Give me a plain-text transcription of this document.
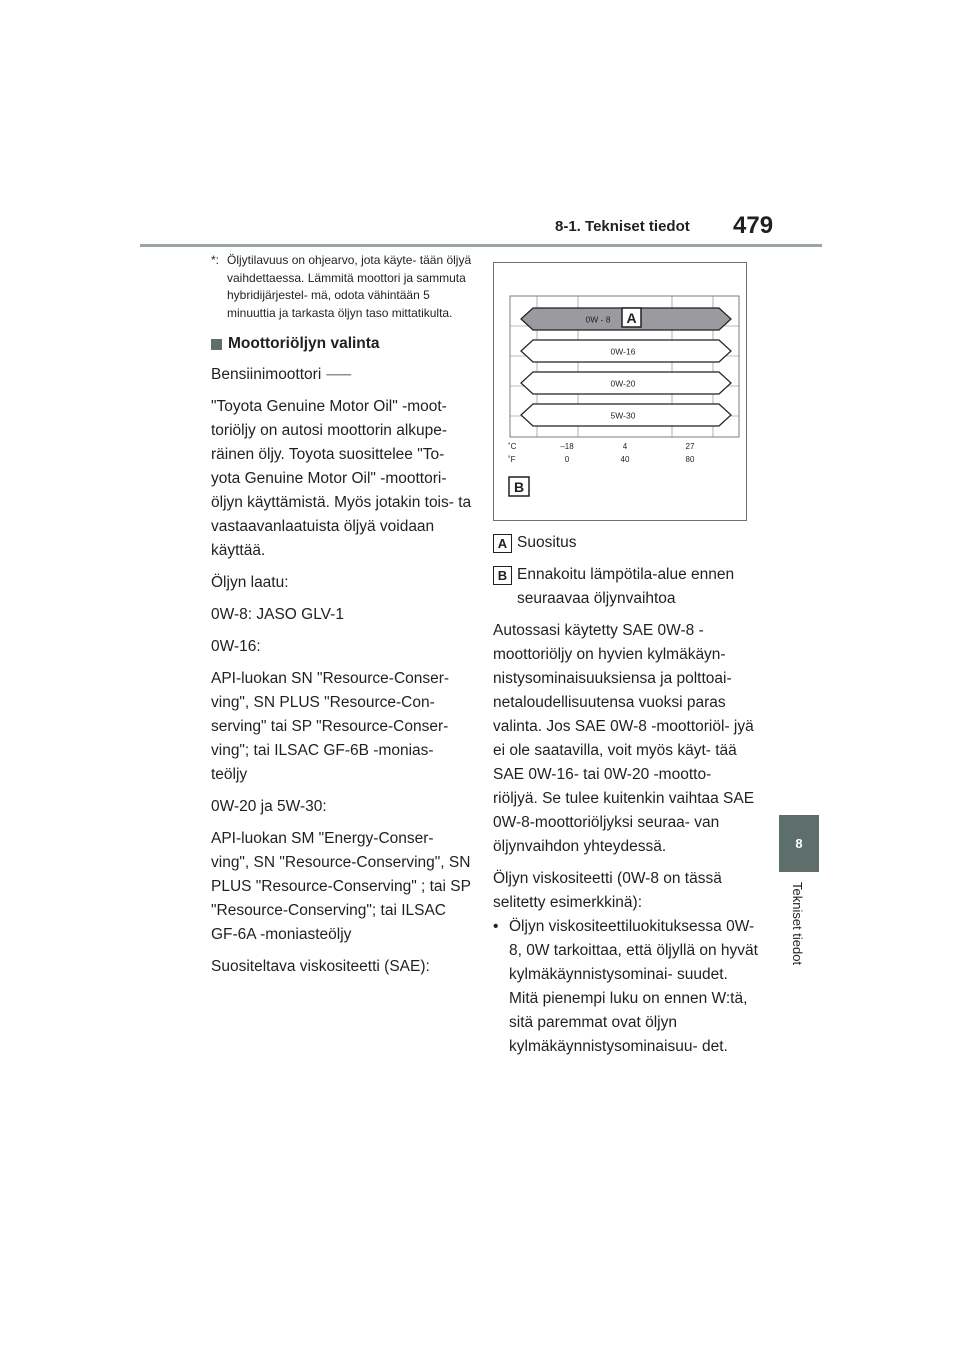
8-1. Tekniset tiedot 479
8
Tekniset tiedot
*: Öljytilavuus on ohjearvo, jota käyte- tään öljyä vaihdettaessa. Lämmitä moottori ja sammuta hybridijärjestel- mä, odota vähintään 5 minuuttia ja tarkasta öljyn taso mittatikulta.
Moottoriöljyn valinta
Bensiinimoottori ⸺
"Toyota Genuine Motor Oil" -moot- toriöljy on autosi moottorin alkupe- räinen öljy. Toyota suosittelee "To- yota Genuine Motor Oil" -moottori- öljyn käyttämistä. Myös jotakin tois- ta vastaavanlaatuista öljyä voidaan käyttää.
Öljyn laatu:
0W-8: JASO GLV-1
0W-16:
API-luokan SN "Resource-Conser- ving", SN PLUS "Resource-Con- serving" tai SP "Resource-Conser- ving"; tai ILSAC GF-6B -monias- teöljy
0W-20 ja 5W-30:
API-luokan SM "Energy-Conser- ving", SN "Resource-Conserving", SN PLUS "Resource-Conserving" ; tai SP "Resource-Conserving"; tai ILSAC GF-6A -moniasteöljy
Suositeltava viskositeetti (SAE):
0W - 8
0W-16
0W-20
5W-30
A
˚C
˚F
–18	4	27
0	40	80
B
A Suositus
B Ennakoitu lämpötila-alue ennen seuraavaa öljynvaihtoa
Autossasi käytetty SAE 0W-8 - moottoriöljy on hyvien kylmäkäyn- nistysominaisuuksiensa ja polttoai- netaloudellisuutensa vuoksi paras valinta. Jos SAE 0W-8 -moottoriöl- jyä ei ole saatavilla, voit myös käyt- tää SAE 0W-16- tai 0W-20 -mootto- riöljyä. Se tulee kuitenkin vaihtaa SAE 0W-8-moottoriöljyksi seuraa- van öljynvaihdon yhteydessä.
Öljyn viskositeetti (0W-8 on tässä selitetty esimerkkinä):
• Öljyn viskositeettiluokituksessa 0W-8, 0W tarkoittaa, että öljyllä on hyvät kylmäkäynnistysominai- suudet. Mitä pienempi luku on ennen W:tä, sitä paremmat ovat öljyn kylmäkäynnistysominaisuu- det.
